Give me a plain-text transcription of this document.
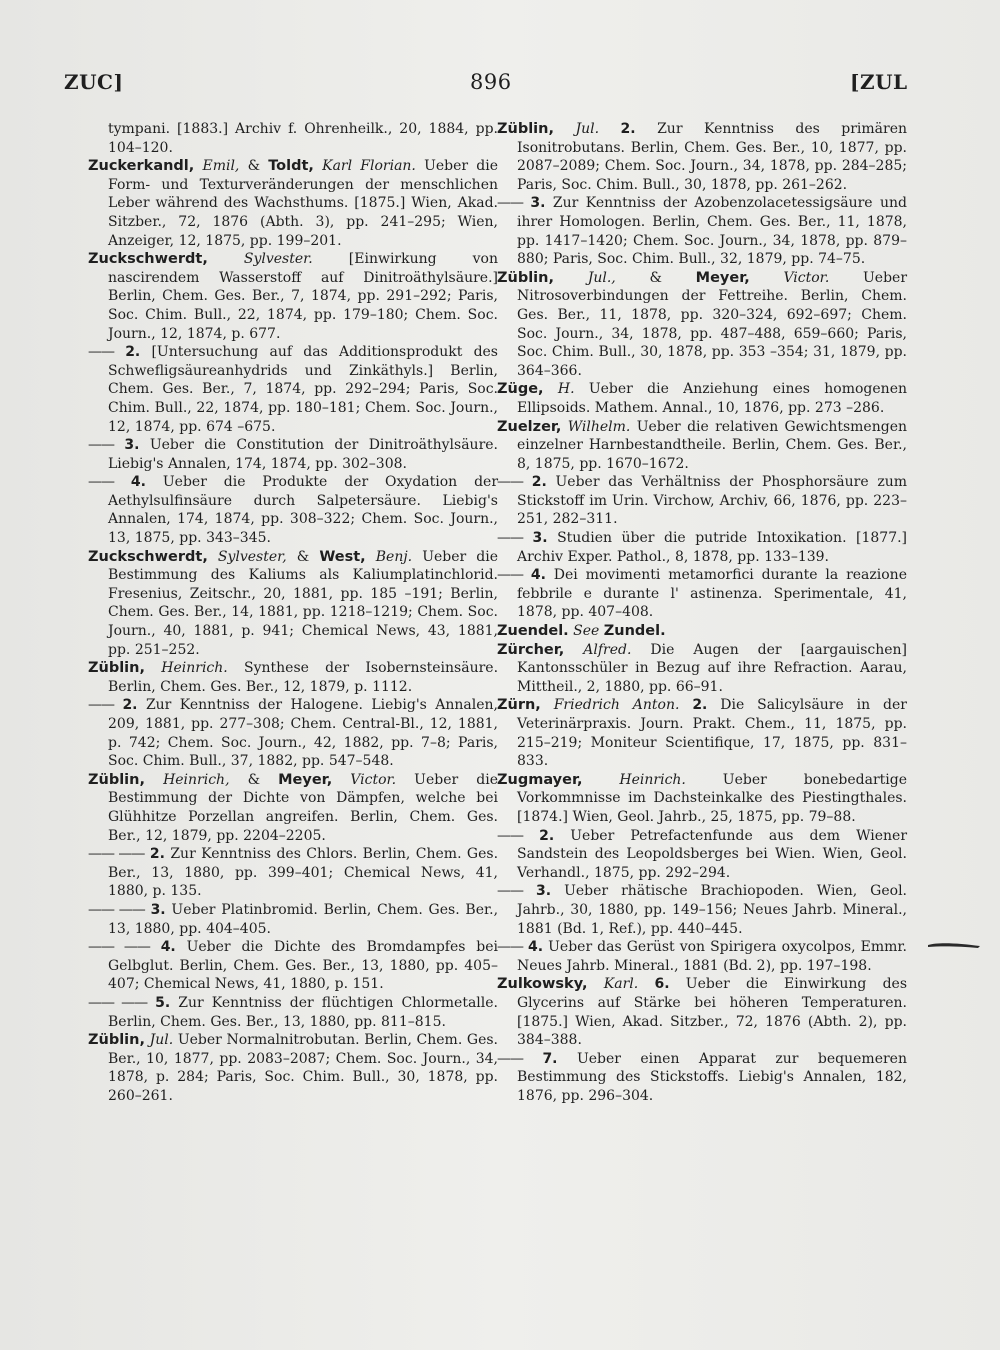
ZUC]	896	[ZUL

tympani. [1883.] Archiv f. Ohrenheilk., 20, 1884, pp. 104–120.

Zuckerkandl, Emil, & Toldt, Karl Florian. Ueber die Form- und Texturveränderungen der menschlichen Leber während des Wachsthums. [1875.] Wien, Akad. Sitzber., 72, 1876 (Abth. 3), pp. 241–295; Wien, Anzeiger, 12, 1875, pp. 199–201.

Zuckschwerdt,	Sylvester.	[Einwirkung von nascirendem Wasserstoff auf Dinitroäthylsäure.] Berlin, Chem. Ges. Ber., 7, 1874, pp. 291–292; Paris, Soc. Chim. Bull., 22, 1874, pp. 179–180; Chem. Soc. Journ., 12, 1874, p. 677.

—— 2. [Untersuchung auf das Additionsprodukt des Schwefligsäureanhydrids und Zinkäthyls.] Berlin, Chem. Ges. Ber., 7, 1874, pp. 292–294; Paris, Soc. Chim. Bull., 22, 1874, pp. 180–181; Chem. Soc. Journ., 12, 1874, pp. 674 –675.

—— 3. Ueber die Constitution der Dinitroäthylsäure. Liebig's Annalen, 174, 1874, pp. 302–308.

—— 4. Ueber die Produkte der Oxydation der Aethylsulfinsäure durch Salpetersäure. Liebig's Annalen, 174, 1874, pp. 308–322; Chem. Soc. Journ., 13, 1875, pp. 343–345.

Zuckschwerdt, Sylvester, & West, Benj. Ueber die Bestimmung des Kaliums als Kaliumplatinchlorid. Fresenius, Zeitschr., 20, 1881, pp. 185 –191; Berlin, Chem. Ges. Ber., 14, 1881, pp. 1218–1219; Chem. Soc. Journ., 40, 1881, p. 941; Chemical News, 43, 1881, pp. 251–252.

Züblin, Heinrich. Synthese der Isobernsteinsäure. Berlin, Chem. Ges. Ber., 12, 1879, p. 1112.

—— 2. Zur Kenntniss der Halogene. Liebig's Annalen, 209, 1881, pp. 277–308; Chem. Central-Bl., 12, 1881, p. 742; Chem. Soc. Journ., 42, 1882, pp. 7–8; Paris, Soc. Chim. Bull., 37, 1882, pp. 547–548.

Züblin, Heinrich, & Meyer, Victor. Ueber die Bestimmung der Dichte von Dämpfen, welche bei Glühhitze Porzellan angreifen. Berlin, Chem. Ges. Ber., 12, 1879, pp. 2204–2205.

—— —— 2. Zur Kenntniss des Chlors. Berlin, Chem. Ges. Ber., 13, 1880, pp. 399–401; Chemical News, 41, 1880, p. 135.

—— —— 3. Ueber Platinbromid. Berlin, Chem. Ges. Ber., 13, 1880, pp. 404–405.

—— —— 4. Ueber die Dichte des Bromdampfes bei Gelbglut. Berlin, Chem. Ges. Ber., 13, 1880, pp. 405–407; Chemical News, 41, 1880, p. 151.

—— —— 5. Zur Kenntniss der flüchtigen Chlormetalle. Berlin, Chem. Ges. Ber., 13, 1880, pp. 811–815.

Züblin, Jul. Ueber Normalnitrobutan. Berlin, Chem. Ges. Ber., 10, 1877, pp. 2083–2087; Chem. Soc. Journ., 34, 1878, p. 284; Paris, Soc. Chim. Bull., 30, 1878, pp. 260–261.

Züblin, Jul. 2. Zur Kenntniss des primären Isonitrobutans. Berlin, Chem. Ges. Ber., 10, 1877, pp. 2087–2089; Chem. Soc. Journ., 34, 1878, pp. 284–285; Paris, Soc. Chim. Bull., 30, 1878, pp. 261–262.

—— 3. Zur Kenntniss der Azobenzolacetessigsäure und ihrer Homologen. Berlin, Chem. Ges. Ber., 11, 1878, pp. 1417–1420; Chem. Soc. Journ., 34, 1878, pp. 879–880; Paris, Soc. Chim. Bull., 32, 1879, pp. 74–75.

Züblin, Jul., & Meyer, Victor. Ueber Nitrosoverbindungen der Fettreihe. Berlin, Chem. Ges. Ber., 11, 1878, pp. 320–324, 692–697; Chem. Soc. Journ., 34, 1878, pp. 487–488, 659–660; Paris, Soc. Chim. Bull., 30, 1878, pp. 353 –354; 31, 1879, pp. 364–366.

Züge, H. Ueber die Anziehung eines homogenen Ellipsoids. Mathem. Annal., 10, 1876, pp. 273 –286.

Zuelzer, Wilhelm. Ueber die relativen Gewichtsmengen einzelner Harnbestandtheile. Berlin, Chem. Ges. Ber., 8, 1875, pp. 1670–1672.

—— 2. Ueber das Verhältniss der Phosphorsäure zum Stickstoff im Urin. Virchow, Archiv, 66, 1876, pp. 223–251, 282–311.

—— 3. Studien über die putride Intoxikation. [1877.] Archiv Exper. Pathol., 8, 1878, pp. 133–139.

—— 4. Dei movimenti metamorfici durante la reazione febbrile e durante l' astinenza. Sperimentale, 41, 1878, pp. 407–408.

Zuendel. See Zundel.

Zürcher, Alfred. Die Augen der [aargauischen] Kantonsschüler in Bezug auf ihre Refraction. Aarau, Mittheil., 2, 1880, pp. 66–91.

Zürn, Friedrich Anton. 2. Die Salicylsäure in der Veterinärpraxis. Journ. Prakt. Chem., 11, 1875, pp. 215–219; Moniteur Scientifique, 17, 1875, pp. 831–833.

Zugmayer,	Heinrich.	Ueber bonebedartige Vorkommnisse im Dachsteinkalke des Piestingthales. [1874.] Wien, Geol. Jahrb., 25, 1875, pp. 79–88.

—— 2. Ueber Petrefactenfunde aus dem Wiener Sandstein des Leopoldsberges bei Wien. Wien, Geol. Verhandl., 1875, pp. 292–294.

—— 3. Ueber rhätische Brachiopoden. Wien, Geol. Jahrb., 30, 1880, pp. 149–156; Neues Jahrb. Mineral., 1881 (Bd. 1, Ref.), pp. 440–445.

—— 4. Ueber das Gerüst von Spirigera oxycolpos, Emmr. Neues Jahrb. Mineral., 1881 (Bd. 2), pp. 197–198.

Zulkowsky, Karl. 6. Ueber die Einwirkung des Glycerins auf Stärke bei höheren Temperaturen. [1875.] Wien, Akad. Sitzber., 72, 1876 (Abth. 2), pp. 384–388.

—— 7. Ueber einen Apparat zur bequemeren Bestimmung des Stickstoffs. Liebig's Annalen, 182, 1876, pp. 296–304.
